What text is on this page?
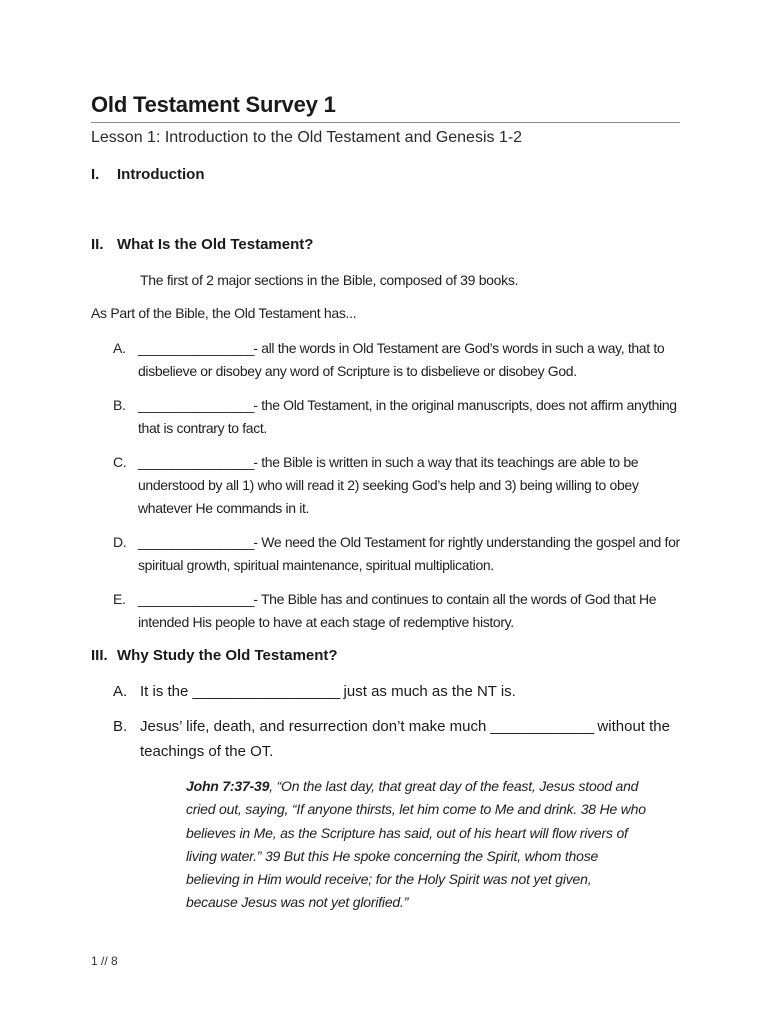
Old Testament Survey 1
Lesson 1: Introduction to the Old Testament and Genesis 1-2
I. Introduction
II. What Is the Old Testament?
The first of 2 major sections in the Bible, composed of 39 books.
As Part of the Bible, the Old Testament has...
A. _________________- all the words in Old Testament are God’s words in such a way, that to disbelieve or disobey any word of Scripture is to disbelieve or disobey God.
B. _________________- the Old Testament, in the original manuscripts, does not affirm anything that is contrary to fact.
C. _________________- the Bible is written in such a way that its teachings are able to be understood by all 1) who will read it 2) seeking God’s help and 3) being willing to obey whatever He commands in it.
D. _________________- We need the Old Testament for rightly understanding the gospel and for spiritual growth, spiritual maintenance, spiritual multiplication.
E. _________________- The Bible has and continues to contain all the words of God that He intended His people to have at each stage of redemptive history.
III. Why Study the Old Testament?
A. It is the ____________________ just as much as the NT is.
B. Jesus’ life, death, and resurrection don’t make much ______________ without the teachings of the OT.
John 7:37-39, “On the last day, that great day of the feast, Jesus stood and cried out, saying, “If anyone thirsts, let him come to Me and drink. 38 He who believes in Me, as the Scripture has said, out of his heart will flow rivers of living water.” 39 But this He spoke concerning the Spirit, whom those believing in Him would receive; for the Holy Spirit was not yet given, because Jesus was not yet glorified.”
1 // 8
